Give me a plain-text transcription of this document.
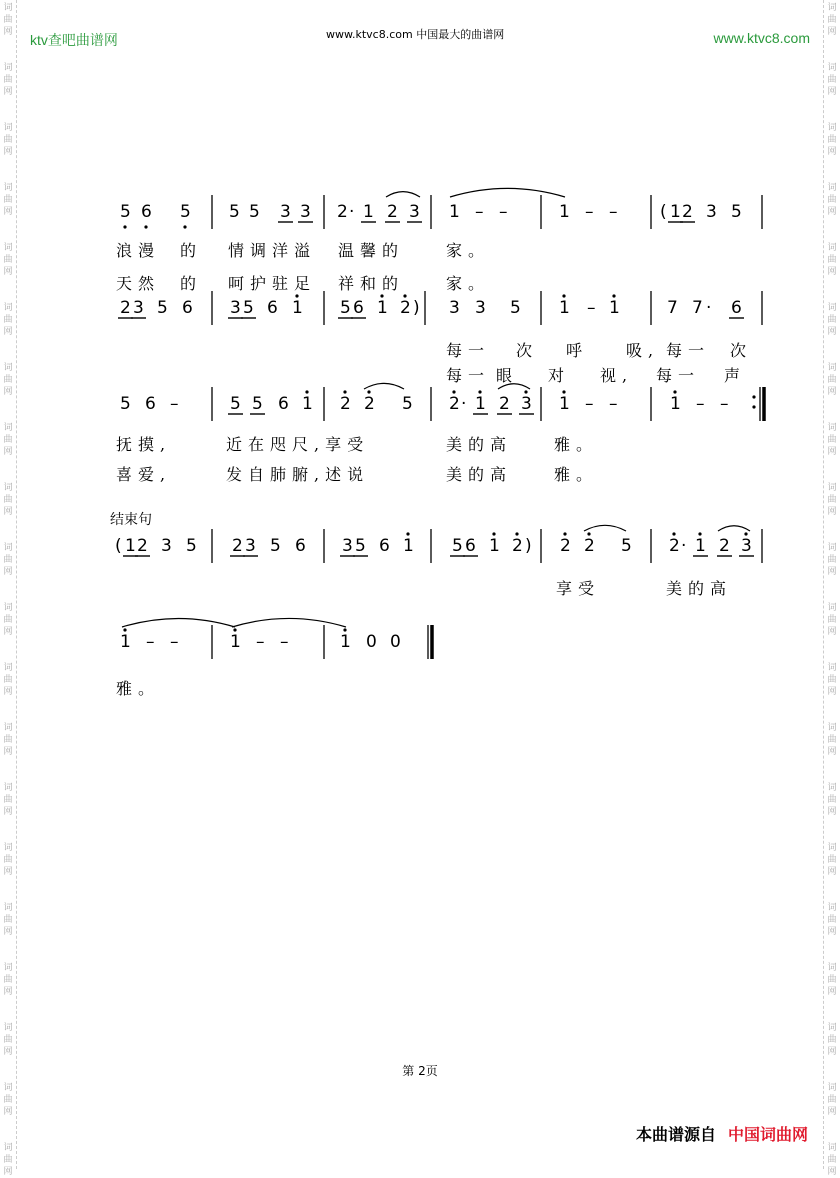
词
曲
网
词
曲
网
词
曲
网
词
曲
网
词
曲
网
词
曲
网
词
曲
网
词
曲
网
词
曲
网
词
曲
网
词
曲
网
词
曲
网
词
曲
网
词
曲
网
词
曲
网
词
曲
网
词
曲
网
词
曲
网
词
曲
网
词
曲
网
词
曲
网
词
曲
网
词
曲
网
词
曲
网
词
曲
网
词
曲
网
词
曲
网
词
曲
网
词
曲
网
词
曲
网
词
曲
网
词
曲
网
词
曲
网
词
曲
网
词
曲
网
词
曲
网
词
曲
网
词
曲
网
词
曲
网
词
曲
网
ktv查吧曲谱网	www.ktvc8.com 中国最大的曲谱网	www.ktvc8.com
5 6 5 5 5 3 3 2 · 1 2 3 1 – –	1 – –	( 1 2 3 5
2 3 5 6 3 5 6 1 5 6 1 2 ) 3 3 5 1 – 1	7 7 · 6
5 6 –	5 5 6 1 2 2 5 2 · 1 2 3 1 – –	1 – –
( 1 2 3 5 2 3 5 6 3 5 6 1 5 6 1 2 ) 2 2 5 2 · 1 2 3
1 – –	1 – –	1 0 0
浪漫 的 情调洋溢 温馨的	家。
天然 的 呵护驻足 祥和的	家。
每一 次 呼 吸, 每一 次
每一 眼 对 视, 每一 声
抚摸,	近在咫尺,享受	美的高	雅。
喜爱,	发自肺腑,述说	美的高	雅。
享受	美的高
雅。
结束句
第 2页
本曲谱源自 中国词曲网
